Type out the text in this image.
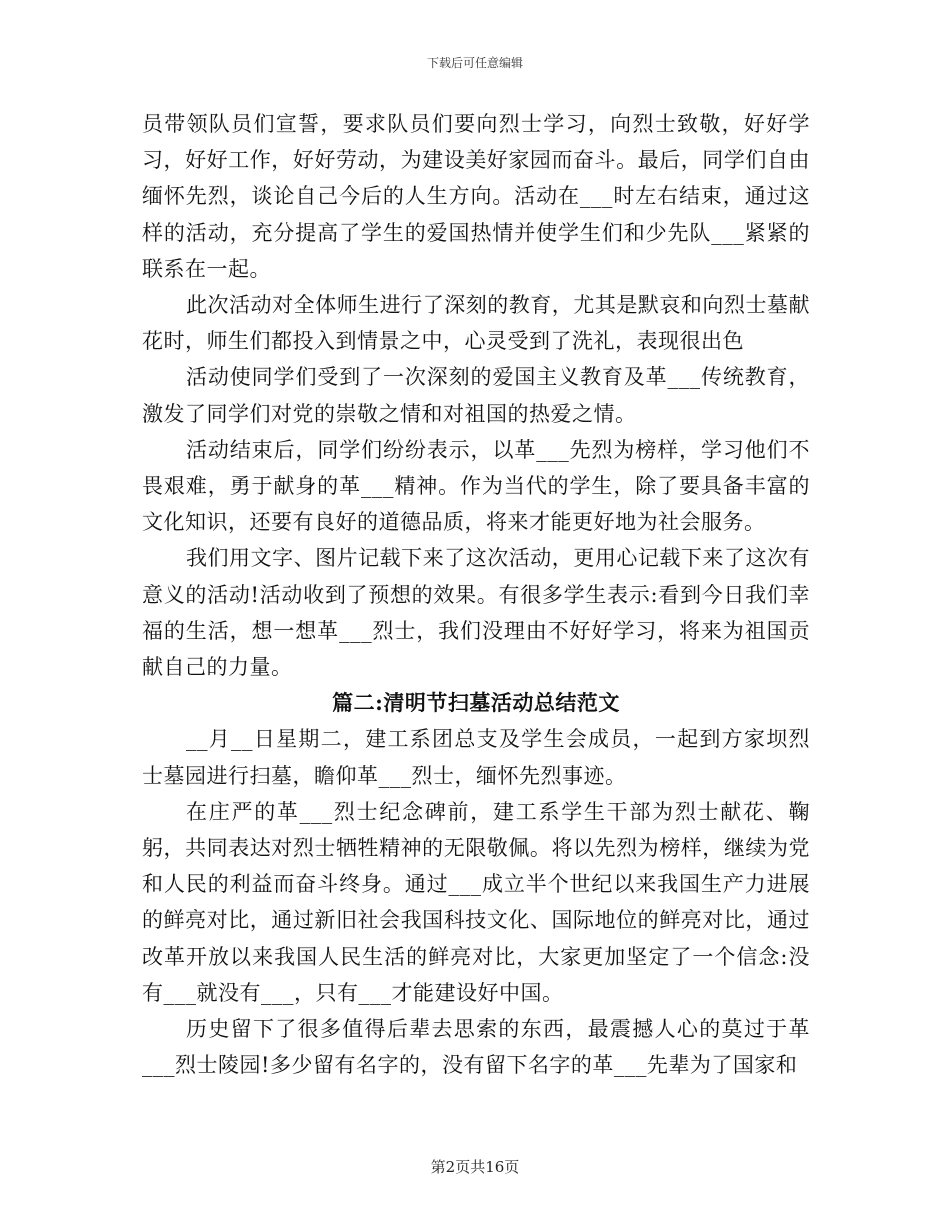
下载后可任意编辑

员带领队员们宣誓，要求队员们要向烈士学习，向烈士致敬，好好学习，好好工作，好好劳动，为建设美好家园而奋斗。最后，同学们自由缅怀先烈，谈论自己今后的人生方向。活动在___时左右结束，通过这样的活动，充分提高了学生的爱国热情并使学生们和少先队___紧紧的联系在一起。

此次活动对全体师生进行了深刻的教育，尤其是默哀和向烈士墓献花时，师生们都投入到情景之中，心灵受到了洗礼，表现很出色

活动使同学们受到了一次深刻的爱国主义教育及革___传统教育，激发了同学们对党的崇敬之情和对祖国的热爱之情。

活动结束后，同学们纷纷表示，以革___先烈为榜样，学习他们不畏艰难，勇于献身的革___精神。作为当代的学生，除了要具备丰富的文化知识，还要有良好的道德品质，将来才能更好地为社会服务。

我们用文字、图片记载下来了这次活动，更用心记载下来了这次有意义的活动!活动收到了预想的效果。有很多学生表示:看到今日我们幸福的生活，想一想革___烈士，我们没理由不好好学习，将来为祖国贡献自己的力量。

篇二:清明节扫墓活动总结范文

__月__日星期二，建工系团总支及学生会成员，一起到方家坝烈士墓园进行扫墓，瞻仰革___烈士，缅怀先烈事迹。

在庄严的革___烈士纪念碑前，建工系学生干部为烈士献花、鞠躬，共同表达对烈士牺牲精神的无限敬佩。将以先烈为榜样，继续为党和人民的利益而奋斗终身。通过___成立半个世纪以来我国生产力进展的鲜亮对比，通过新旧社会我国科技文化、国际地位的鲜亮对比，通过改革开放以来我国人民生活的鲜亮对比，大家更加坚定了一个信念:没有___就没有___，只有___才能建设好中国。

历史留下了很多值得后辈去思索的东西，最震撼人心的莫过于革___烈士陵园!多少留有名字的，没有留下名字的革___先辈为了国家和

第2页共16页
